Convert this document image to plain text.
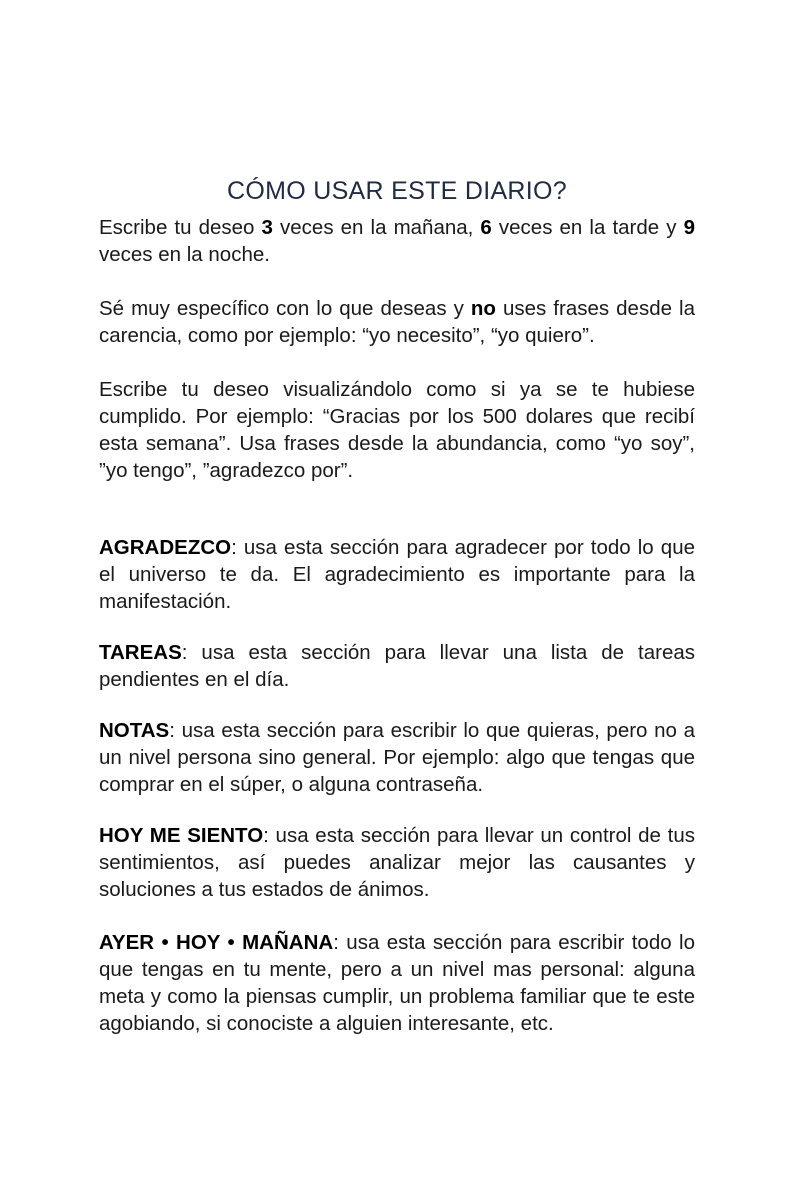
CÓMO USAR ESTE DIARIO?

Escribe tu deseo 3 veces en la mañana, 6 veces en la tarde y 9 veces en la noche.

Sé muy específico con lo que deseas y no uses frases desde la carencia, como por ejemplo: “yo necesito”, “yo quiero”.

Escribe tu deseo visualizándolo como si ya se te hubiese cumplido. Por ejemplo: “Gracias por los 500 dolares que recibí esta semana”. Usa frases desde la abundancia, como “yo soy”, ”yo tengo”, ”agradezco por”.

AGRADEZCO: usa esta sección para agradecer por todo lo que el universo te da. El agradecimiento es importante para la manifestación.

TAREAS: usa esta sección para llevar una lista de tareas pendientes en el día.

NOTAS: usa esta sección para escribir lo que quieras, pero no a un nivel persona sino general. Por ejemplo: algo que tengas que comprar en el súper, o alguna contraseña.

HOY ME SIENTO: usa esta sección para llevar un control de tus sentimientos, así puedes analizar mejor las causantes y soluciones a tus estados de ánimos.

AYER • HOY • MAÑANA: usa esta sección para escribir todo lo que tengas en tu mente, pero a un nivel mas personal: alguna meta y como la piensas cumplir, un problema familiar que te este agobiando, si conociste a alguien interesante, etc.
